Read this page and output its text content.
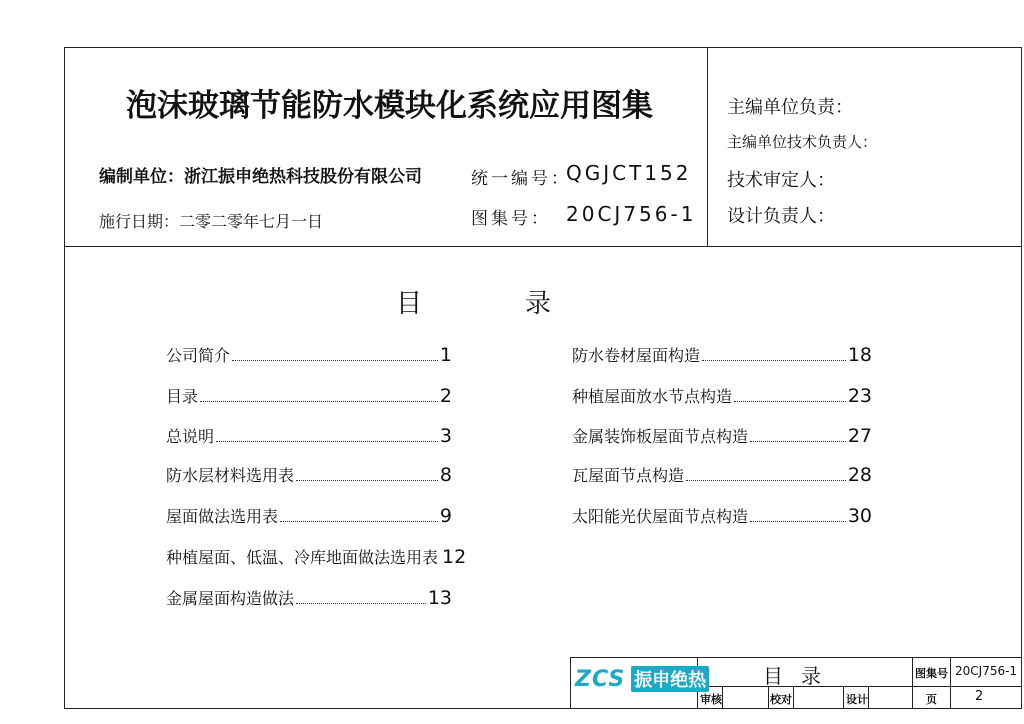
泡沫玻璃节能防水模块化系统应用图集
编制单位：浙江振申绝热科技股份有限公司
施行日期：二零二零年七月一日
统一编号：
QGJCT152
图集号： 20CJ756-1
主编单位负责：
主编单位技术负责人：
技术审定人：
设计负责人：
目	录
公司简介	1
目录	2
总说明	3
防水层材料选用表	8
屋面做法选用表	9
种植屋面、低温、冷库地面做法选用表 12
金属屋面构造做法	13
防水卷材屋面构造	18
种植屋面放水节点构造	23
金属装饰板屋面节点构造	27
瓦屋面节点构造	28
太阳能光伏屋面节点构造	30
ZCS 振申绝热	目录	图集号 20CJ756-1
审核	校对	设计	页	2
